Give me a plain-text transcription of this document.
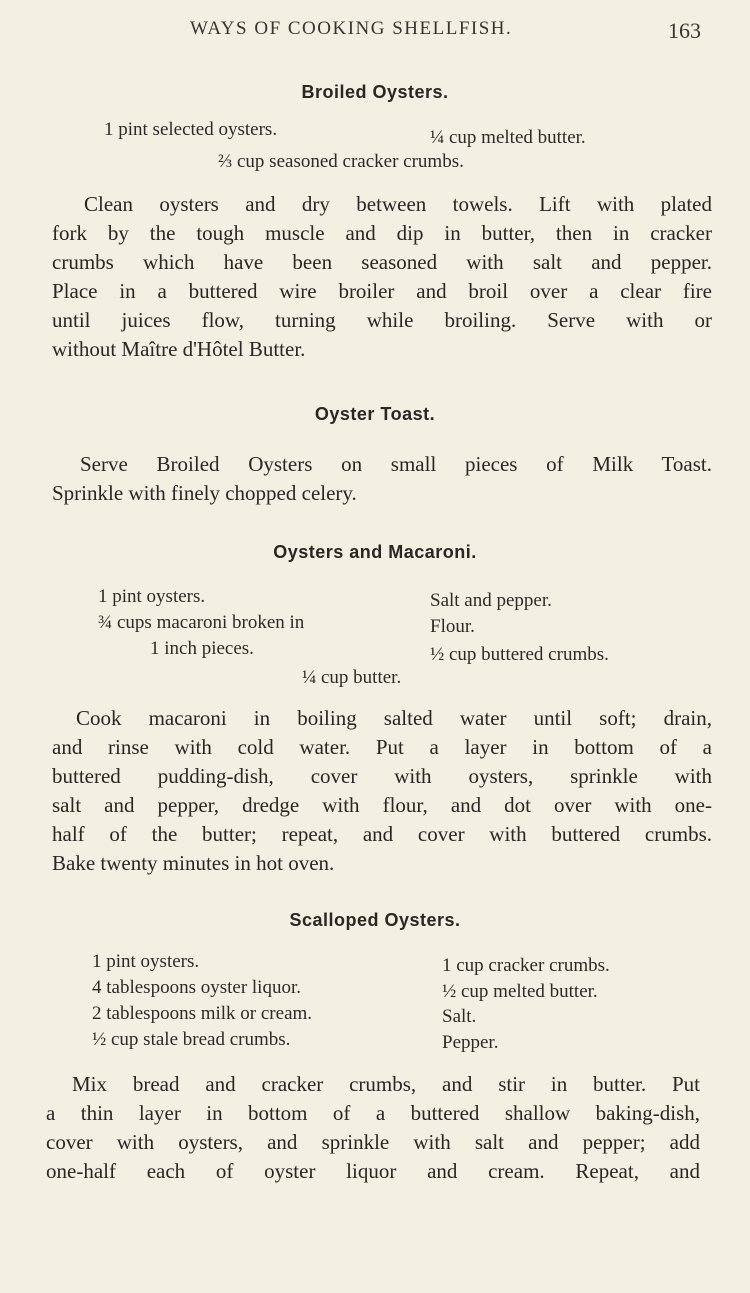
WAYS OF COOKING SHELLFISH.	163
Broiled Oysters.
1 pint selected oysters.	¼ cup melted butter.
⅔ cup seasoned cracker crumbs.
Clean oysters and dry between towels. Lift with plated
fork by the tough muscle and dip in butter, then in cracker
crumbs which have been seasoned with salt and pepper.
Place in a buttered wire broiler and broil over a clear fire
until juices flow, turning while broiling. Serve with or
without Maître d'Hôtel Butter.
Oyster Toast.
Serve Broiled Oysters on small pieces of Milk Toast.
Sprinkle with finely chopped celery.
Oysters and Macaroni.
1 pint oysters.
¾ cups macaroni broken in
1 inch pieces.
Salt and pepper.
Flour.
½ cup buttered crumbs.
¼ cup butter.
Cook macaroni in boiling salted water until soft; drain,
and rinse with cold water. Put a layer in bottom of a
buttered pudding-dish, cover with oysters, sprinkle with
salt and pepper, dredge with flour, and dot over with one-
half of the butter; repeat, and cover with buttered crumbs.
Bake twenty minutes in hot oven.
Scalloped Oysters.
1 pint oysters.
4 tablespoons oyster liquor.
2 tablespoons milk or cream.
½ cup stale bread crumbs.
1 cup cracker crumbs.
½ cup melted butter.
Salt.
Pepper.
Mix bread and cracker crumbs, and stir in butter. Put
a thin layer in bottom of a buttered shallow baking-dish,
cover with oysters, and sprinkle with salt and pepper; add
one-half each of oyster liquor and cream. Repeat, and
